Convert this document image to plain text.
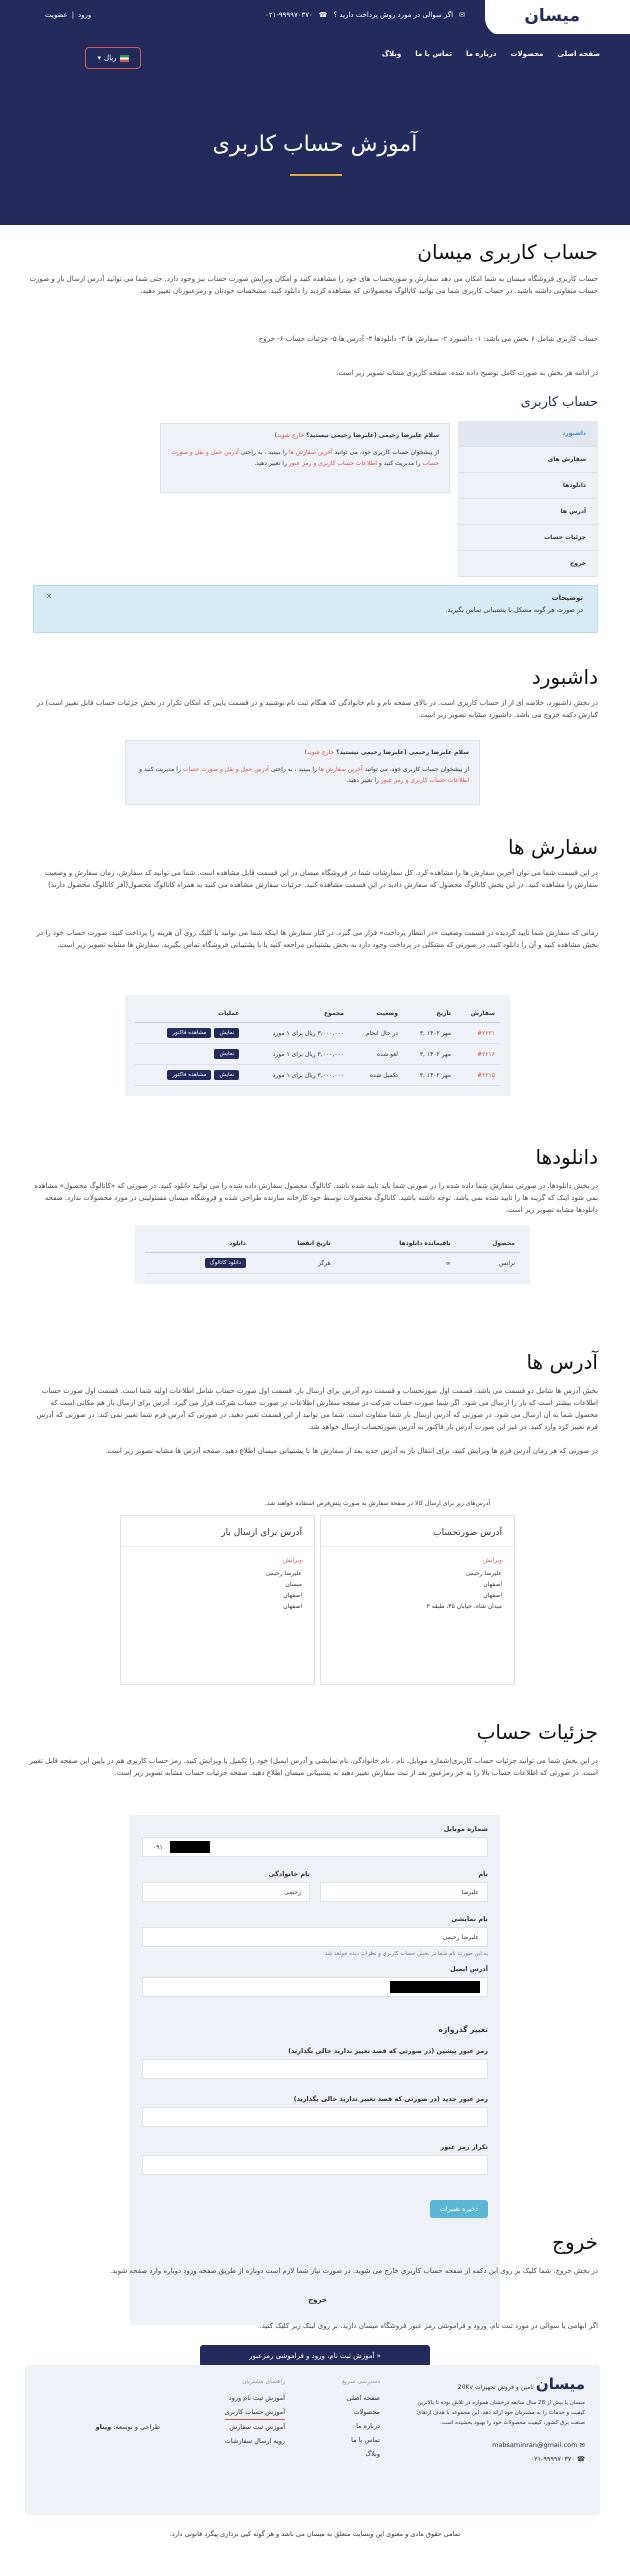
میسان
✉
اگر سوالی در مورد روش پرداخت دارید ؟
☎
۰۲۱-۹۹۹۹۷۰۳۷۰
ورود
|
عضویت
صفحه اصلی
محصولات
درباره ما
تماس با ما
وبلاگ
ریال
▾
آموزش حساب کاربری
حساب کاربری میسان

حساب کاربری فروشگاه میسان به شما امکان می دهد سفارش و صورتحساب های خود را مشاهده کنید و امکان ویرایش صورت حساب نیز وجود دارد. حتی شما می توانید آدرس ارسال بار و صورت حساب متفاوتی داشته باشید. در حساب کاربری شما می توانید کاتالوگ محصولاتی که مشاهده کردید را دانلود کنید. مشخصات خودتان و رمزعبورتان تغییر دهید.

حساب کاربری شامل ۶ بخش می باشد: ۱- داشبورد ۲- سفارش ها ۳- دانلودها ۴- آدرس ها ۵- جزئیات حساب ۶- خروج

در ادامه هر بخش به صورت کامل توضیح داده شده. صفحه کاربری مشابه تصویر زیر است.

حساب کاربری
داشبورد
سفارش های
دانلودها
آدرس ها
جزئیات حساب
خروج
سلام علیرضا رحیمی (علیرضا رحیمی نیستید؟ خارج شوید)
از پیشخوان حساب کاربری خود، می توانید آخرین سفارش ها را ببینید ، به راحتی آدرس حمل و نقل و صورت حساب را مدیریت کنید و اطلاعات حساب کاربری و رمز عبور را تغییر دهید.
×	توضیحات
در صورت هر گونه مشکل با پشتیبانی تماس بگیرید.
داشبورد

در بخش داشبورد، خلاصه ای از از حساب کاربری است. در بالای صفحه نام و نام خانوادگی که هنگام ثبت نام نوشتید و در قسمت پایین که امکان تکرار در بخش جزئیات حساب قابل تغییر است) در کنارش دکمه خروج می باشد. داشبورد مشابه تصویر زیر است.

سلام علیرضا رحیمی (علیرضا رحیمی نیستید؟ خارج شوید)
از پیشخوان حساب کاربری خود، می توانید آخرین سفارش ها را ببینید ، به راحتی آدرس حمل و نقل و صورت حساب را مدیریت کنید و اطلاعات حساب کاربری و رمز عبور را تغییر دهید.
سفارش ها

در این قسمت شما می توان آخرین سفارش ها را مشاهده کرد. کل سفارشات شما در فروشگاه میسان در این قسمت قابل مشاهده است. شما می توانید کد سفارش، زمان سفارش و وضعیت سفارش را مشاهده کنید. در این بخش کاتالوگ محصول که سفارش دادید در این قسمت مشاهده کنید. جزئیات سفارش مشاهده می کنید به همراه کاتالوگ محصول(آفر کاتالوگ محصول دارند)

زمانی که سفارش شما تایید گردیده در قسمت وضعیت «در انتظار پرداخت» قرار می گیرد. در کنار سفارش ها اینکه شما می توانید با کلیک روی آن هزینه را پرداخت کنید. صورت حساب خود را در بخش مشاهده کنید و آن را دانلود کنید. در صورتی که مشکلی در پرداخت وجود دارد به بخش پشتیبانی مراجعه کنید یا با پشتیبانی فروشگاه تماس بگیرید. سفارش ها مشابه تصویر زیر است.

سفارش	تاریخ	وضعیت	مجموع	عملیات
#۲۲۲۱	مهر ۱۴۰۲ ,۳	در حال انجام	۳,۰۰۰,۰۰۰ ریال برای ۱ مورد	نمایشمشاهده فاکتور
#۲۲۱۶	مهر ۱۴۰۲ ,۳	لغو شده	۳,۰۰۰,۰۰۰ ریال برای ۱ مورد	نمایش
#۲۲۱۵	مهر ۱۴۰۲ ,۳	تکمیل شده	۳,۰۰۰,۰۰۰ ریال برای ۱ مورد	نمایشمشاهده فاکتور
دانلودها

در بخش دانلودها، در صورتی سفارش شما داده شده را در صورتی شما باید تایید شده باشد. کاتالوگ محصول سفارش داده شده را می توانید دانلود کنید. در صورتی که «کاتالوگ محصول» مشاهده نمی شود اینک که گزینه ها را تایید شده نمی باشد. توجه داشته باشید. کاتالوگ محصولات توسط خود کارخانه سازنده طراحی شده و فروشگاه میسان مسئولیتی در مورد محصولات ندارد. صفحه دانلودها مشابه تصویر زیر است.

محصول	باقیمانده دانلودها	تاریخ انقضا	دانلود
ترانس	∞	هرگز	دانلود کاتالوگ
آدرس ها

بخش آدرس ها شامل دو قسمت می باشد، قسمت اول صورتحساب و قسمت دوم آدرس برای ارسال بار. قسمت اول صورت حساب شامل اطلاعات اولیه شما است. قسمت اول صورت حساب اطلاعات بیشتر است که بار را ارسال می شود. اگر شما صورت حساب شرکت در صفحه سفارش اطلاعات در صورت حساب شرکت قرار می گیرد. آدرس برای ارسال بار هم مکانی است که محصول شما به آن ارسال می شود. در صورتی که آدرس ارسال بار شما متفاوت است. شما می توانید ار این قسمت تغییر دهید. در صورتی که آدرس فرم شما تغییر نمی کند، در صورتی که آدرس فرم تغییر کرد وارد کنید. در غیر این صورت آدرس بار فاکتور به آدرس صورتحساب ارسال خواهد شد.

در صورتی که هر زمان آدرس فرم ها ویرایش کنید، برای انتقال بار به آدرس جدید بعد از سفارش ها با پشتیبانی میسان اطلاع دهید. صفحه آدرس ها مشابه تصویر زیر است.

آدرس‌های زیر برای ارسال کالا در صفحهٔ سفارش به صورت پیش‌فرض استفاده خواهند شد.
آدرس صورتحساب
ویرایش
علیرضا رحیمی
اصفهان
اصفهان
میدان شاه، خیابان ۴۵، طبقه ۳
آدرس برای ارسال بار
ویرایش
علیرضا رحیمی
میسان
اصفهان
اصفهان
جزئیات حساب

در این بخش شما می توانید جزئیات حساب کاربری(شماره موبایل، نام ، نام خانوادگی، نام نمایشی و آدرس ایمیل) خود را تکمیل یا ویرایش کنید. رمز حساب کاربری هم در پایین این صفحه قابل تغییر است. در صورتی که اطلاعات حساب بالا را به جز رمزعبور بعد از ثبت سفارش تغییر دهید به پشتیبانی میسان اطلاع دهید. صفحه جزئیات حساب مشابه تصویر زیر است.

شماره موبایل
۰۹۱
نام
علیرضا
نام خانوادگی
رحیمی
نام نمایشی
علیرضا رحیمی
به این صورت نام شما در بخش حساب کاربری و نظرات دیده خواهد شد
آدرس ایمیل
تغییر گذرواژه
رمز عبور پیشین (در صورتی که قصد تغییر ندارید خالی بگذارید)
رمز عبور جدید (در صورتی که قصد تغییر ندارید خالی بگذارید)
تکرار رمز عبور
ذخیره تغییرات
خروج

در بخش خروج، شما کلیک بر روی این دکمه از صفحه حساب کاربری خارج می شوید. در صورت نیاز شما لازم است دوباره از طریق صفحه ورود دوباره وارد صفحه شوید.

خروج

اگر ابهامی یا سوالی در مورد ثبت نام، ورود و فراموشی رمز عبور فروشگاه میسان دارید، بر روی لینک زیر کلیک کنید.

« آموزش ثبت نام، ورود و فراموشی رمزعبور
میسان تامین و فروش تجهیزات 20Kv
میسان با بیش از 28 سال سابقه درخشان همواره در تلاش بوده تا بالاترین کیفیت و خدمات را به مشتریان خود ارائه دهد. این مجموعه با هدف ارتقای صنعت برق کشور، کیفیت محصولات خود را بهبود بخشیده است.
✉ mabsaminran@gmail.com
☎ ۰۲۱-۹۹۹۹۷۰۳۷۰
دسترسی سریع
صفحه اصلی
محصولات
درباره ما
تماس با ما
وبلاگ
راهنمای مشتریان
آموزش ثبت نام ورود
آموزش حساب کاربری
آموزش ثبت سفارش
رویه ارسال سفارشات
طراحی و توسعه: ویناو
تمامی حقوق مادی و معنوی این وبسایت متعلق به میسان می باشد و هر گونه کپی برداری پیگرد قانونی دارد.
